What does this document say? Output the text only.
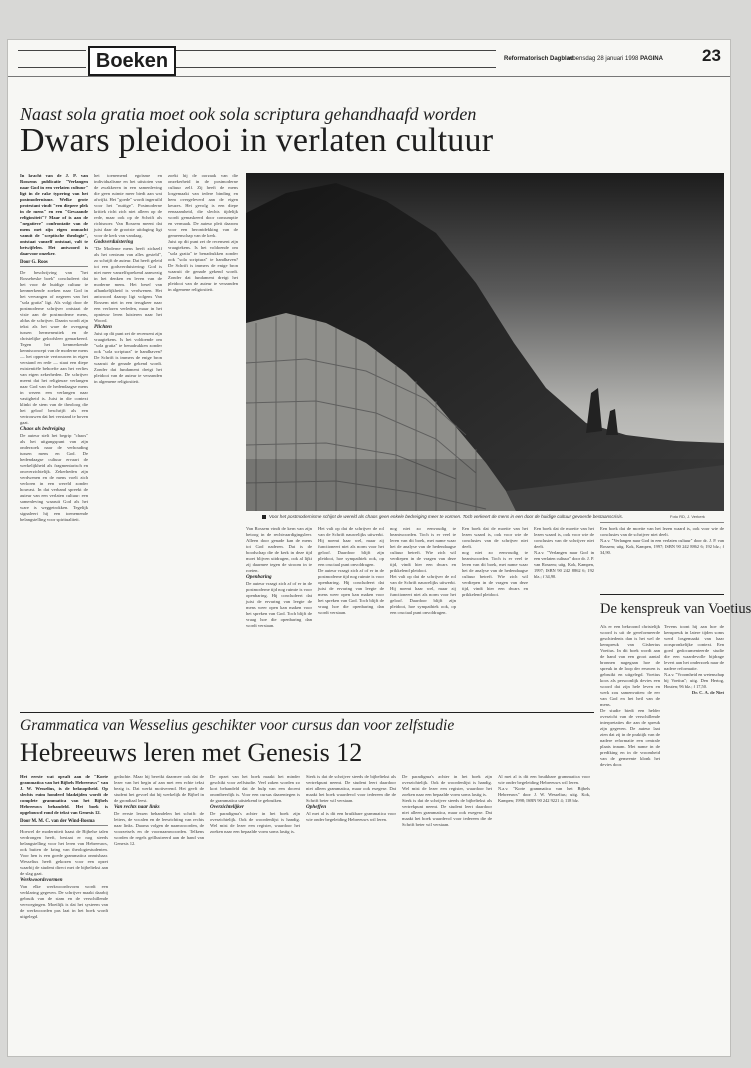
Boeken	Reformatorisch Dagblad
woensdag 28 januari 1998 PAGINA 23
Naast sola gratia moet ook sola scriptura gehandhaafd worden
Dwars pleidooi in verlaten cultuur

In kracht van de J. P. van Rossems publicatie "Verlangen naar God in een verlaten cultuur" ligt in de rake typering van het postmodernisme. Welke grote protestant vindt "een diepere plek in de mens" en een "Gewaande religiositeit"? Maar of is aan de "negatieve" confrontatie van de mens met zijn eigen onmacht vanuit de "sceptische theologie", ontstaat vanzelf ontstaat, valt te betwijfelen. Het antwoord is daarvoor onzeker.

Door G. Roos

De beschrijving van "het Rossebeske boek" concludeert dat het voor de huidige cultuur te kenmerkende zoeken naar God in het vervangen of negeren van het "sola gratia" ligt. Als volgt door de postmoderne schrijver ontstaat de visie aan de postmoderne mens, aldus de schrijver. Daarin wordt zijn tekst als het ware de overgang tussen hermeneutiek en de christelijke geloofsleer gemarkeerd. Tegen het kenmerkende kennisconcept van de moderne mens — het opperste vertrouwen in eigen verstand en rede — staat een diepe existentiële behoefte aan het verlies van eigen zekerheden. De schrijver meent dat het religieuze verlangen naar God van de hedendaagse mens in wezen een verlangen naar vastigheid is. Juist in die context klinkt de stem van de theoloog die het geloof beschrijft als een vertrouwen dat het verstand te boven gaat.

Chaos als bedreiging

De auteur stelt het begrip "chaos" als het uitgangspunt van zijn onderzoek naar de verhouding tussen mens en God. De hedendaagse cultuur ervaart de werkelijkheid als fragmentarisch en onoverzichtelijk. Zekerheden zijn verdwenen en de mens voelt zich verloren in een wereld zonder houvast. In dat verband spreekt de auteur van een verlaten cultuur: een samenleving waaruit God als het ware is weggetrokken. Tegelijk signaleert hij een toenemende belangstelling voor spiritualiteit.

het toenemend egoïsme en individualisme en het uitstoten van de zwakkeren in een samenleving die geen ruimte meer biedt aan wat afwijkt. Het "goede" wordt ingeruild voor het "nuttige". Postmoderne kritiek richt zich niet alleen op de rede, maar ook op de Schrift als richtsnoer. Van Rossem meent dat juist daar de grootste uitdaging ligt voor de kerk van vandaag.

Godsverduistering

"De Moderne mens heeft zichzelf als het centrum van alles gesteld", zo schrijft de auteur. Dat heeft geleid tot een godsverduistering: God is niet meer vanzelfsprekend aanwezig in het denken en leven van de moderne mens. Het besef van afhankelijkheid is verdwenen. Het antwoord daarop ligt volgens Van Rossem niet in een terugkeer naar een verloren verleden, maar in het opnieuw leren luisteren naar het Woord.

Plichten

Juist op dit punt zet de recensent zijn vraagtekens. Is het voldoende om "sola gratia" te benadrukken zonder ook "sola scriptura" te handhaven? De Schrift is immers de enige bron waaruit de genade gekend wordt. Zonder dat fundament dreigt het pleidooi van de auteur te verzanden in algemene religiositeit.

zoekt hij de oorzaak van die onzekerheid in de postmoderne cultuur zelf. Zij heeft de mens losgemaakt van iedere binding en hem overgeleverd aan de eigen keuzes. Het gevolg is een diepe eenzaamheid, die slechts tijdelijk wordt gemaskeerd door consumptie en vermaak. De auteur pleit daarom voor een herontdekking van de gemeenschap van de kerk.

Juist op dit punt zet de recensent zijn vraagtekens. Is het voldoende om "sola gratia" te benadrukken zonder ook "sola scriptura" te handhaven? De Schrift is immers de enige bron waaruit de genade gekend wordt. Zonder dat fundament dreigt het pleidooi van de auteur te verzanden in algemene religiositeit.

Voor het postmodernisme schijnt de wereld als chaos geen enkele bedreiging meer te vormen. Toch verkeert de mens in een door de huidige cultuur gevoerde bestaanscrisis.	Foto RD, J. Verkerk

Van Rossem vindt de kern van zijn betoog in de rechtvaardigingsleer. Alleen door genade kan de mens tot God naderen. Dat is de boodschap die de kerk in deze tijd moet blijven uitdragen, ook al lijkt zij daarmee tegen de stroom in te roeien.

Openbaring

De auteur vraagt zich af of er in de postmoderne tijd nog ruimte is voor openbaring. Hij concludeert dat juist de ervaring van leegte de mens weer open kan maken voor het spreken van God. Toch blijft de vraag hoe die openbaring dan wordt verstaan.

Het valt op dat de schrijver de rol van de Schrift nauwelijks uitwerkt. Hij noemt haar wel, maar zij functioneert niet als norm voor het geloof. Daardoor blijft zijn pleidooi, hoe sympathiek ook, op een cruciaal punt onvoldragen.

De auteur vraagt zich af of er in de postmoderne tijd nog ruimte is voor openbaring. Hij concludeert dat juist de ervaring van leegte de mens weer open kan maken voor het spreken van God. Toch blijft de vraag hoe die openbaring dan wordt verstaan.

nog niet zo eenvoudig te beantwoorden. Toch is er veel te leren van dit boek, met name waar het de analyse van de hedendaagse cultuur betreft. Wie zich wil verdiepen in de vragen van deze tijd, vindt hier een dwars en prikkelend pleidooi.

Het valt op dat de schrijver de rol van de Schrift nauwelijks uitwerkt. Hij noemt haar wel, maar zij functioneert niet als norm voor het geloof. Daardoor blijft zijn pleidooi, hoe sympathiek ook, op een cruciaal punt onvoldragen.

Een boek dat de moeite van het lezen waard is, ook voor wie de conclusies van de schrijver niet deelt.

nog niet zo eenvoudig te beantwoorden. Toch is er veel te leren van dit boek, met name waar het de analyse van de hedendaagse cultuur betreft. Wie zich wil verdiepen in de vragen van deze tijd, vindt hier een dwars en prikkelend pleidooi.

Een boek dat de moeite van het lezen waard is, ook voor wie de conclusies van de schrijver niet deelt.

N.a.v. "Verlangen naar God in een verlaten cultuur" door dr. J. P. van Rossem; uitg. Kok, Kampen, 1997; ISBN 90 242 8862 6; 192 blz.; f 34,90.

Een boek dat de moeite van het lezen waard is, ook voor wie de conclusies van de schrijver niet deelt.

N.a.v. "Verlangen naar God in een verlaten cultuur" door dr. J. P. van Rossem; uitg. Kok, Kampen, 1997; ISBN 90 242 8862 6; 192 blz.; f 34,90.

De kenspreuk van Voetius

Als er een bekroond christelijk woord is uit de gereformeerde geschiedenis dan is het wel de kenspreuk van Gisbertus Voetius. In dit boek wordt aan de hand van een groot aantal bronnen nagegaan hoe de spreuk in de loop der eeuwen is gebruikt en uitgelegd. Voetius koos als persoonlijk devies een woord dat zijn hele leven en werk zou samenvatten: de eer van God en het heil van de mens.

De studie biedt een helder overzicht van de verschillende interpretaties die aan de spreuk zijn gegeven. De auteur laat zien dat zij in de praktijk van de nadere reformatie een centrale plaats innam. Met name in de prediking en in de vroomheid van de gemeente klonk het devies door.

Tevens toont hij aan hoe de kenspreuk in latere tijden soms werd losgemaakt van haar oorspronkelijke context. Een goed gedocumenteerde studie die een waardevolle bijdrage levert aan het onderzoek naar de nadere reformatie.

N.a.v. "Vroomheid en wetenschap bij Voetius"; uitg. Den Hertog, Houten; 96 blz.; f 17,50.

Dr. C. A. de Niet

Grammatica van Wesselius geschikter voor cursus dan voor zelfstudie
Hebreeuws leren met Genesis 12

Het eerste wat opvalt aan de "Korte grammatica van het Bijbels Hebreeuws" van J. W. Wesselius, is de beknoptheid. Op slechts ruim honderd bladzijden wordt de complete grammatica van het Bijbels Hebreeuws behandeld. Het boek is opgebouwd rond de tekst van Genesis 12.

Door M. M. C. van der Wind-Bosma

Hoewel de moderniteit haast de Bijbelse talen verdrongen heeft, bestaat er nog steeds belangstelling voor het leren van Hebreeuws, ook buiten de kring van theologiestudenten. Voor hen is een goede grammatica onmisbaar. Wesselius heeft gekozen voor een opzet waarbij de student direct met de bijbeltekst aan de slag gaat.

Werkwoordsvormen

Van elke werkwoordsvorm wordt een verklaring gegeven. De schrijver maakt daarbij gebruik van de stam en de verschillende vervoegingen. Moeilijk is dat het systeem van de werkwoorden pas laat in het boek wordt uitgelegd.

gedachte. Maar hij bereikt daarmee ook dat de lezer van het begin af aan met een echte tekst bezig is. Dat werkt motiverend. Het geeft de student het gevoel dat hij werkelijk de Bijbel in de grondtaal leest.

Van rechts naar links

De eerste lessen behandelen het schrift: de letters, de vocalen en de leesrichting van rechts naar links. Daarna volgen de naamwoorden, de voorzetsels en de voornaamwoorden. Telkens worden de regels geïllustreerd aan de hand van Genesis 12.

De opzet van het boek maakt het minder geschikt voor zelfstudie. Veel zaken worden zo kort behandeld dat de hulp van een docent onontbeerlijk is. Voor een cursus daarentegen is de grammatica uitstekend te gebruiken.

Overzichtelijker

De paradigma's achter in het boek zijn overzichtelijk. Ook de woordenlijst is handig. Wel mist de lezer een register, waardoor het zoeken naar een bepaalde vorm soms lastig is.

Sterk is dat de schrijver steeds de bijbeltekst als vertrekpunt neemt. De student leert daardoor niet alleen grammatica, maar ook exegese. Dat maakt het boek waardevol voor iedereen die de Schrift beter wil verstaan.

Opheffen

Al met al is dit een bruikbare grammatica voor wie onder begeleiding Hebreeuws wil leren.

De paradigma's achter in het boek zijn overzichtelijk. Ook de woordenlijst is handig. Wel mist de lezer een register, waardoor het zoeken naar een bepaalde vorm soms lastig is.

Sterk is dat de schrijver steeds de bijbeltekst als vertrekpunt neemt. De student leert daardoor niet alleen grammatica, maar ook exegese. Dat maakt het boek waardevol voor iedereen die de Schrift beter wil verstaan.

Al met al is dit een bruikbare grammatica voor wie onder begeleiding Hebreeuws wil leren.

N.a.v. "Korte grammatica van het Bijbels Hebreeuws" door J. W. Wesselius; uitg. Kok, Kampen; 1998; ISBN 90 242 9221 4; 118 blz.
